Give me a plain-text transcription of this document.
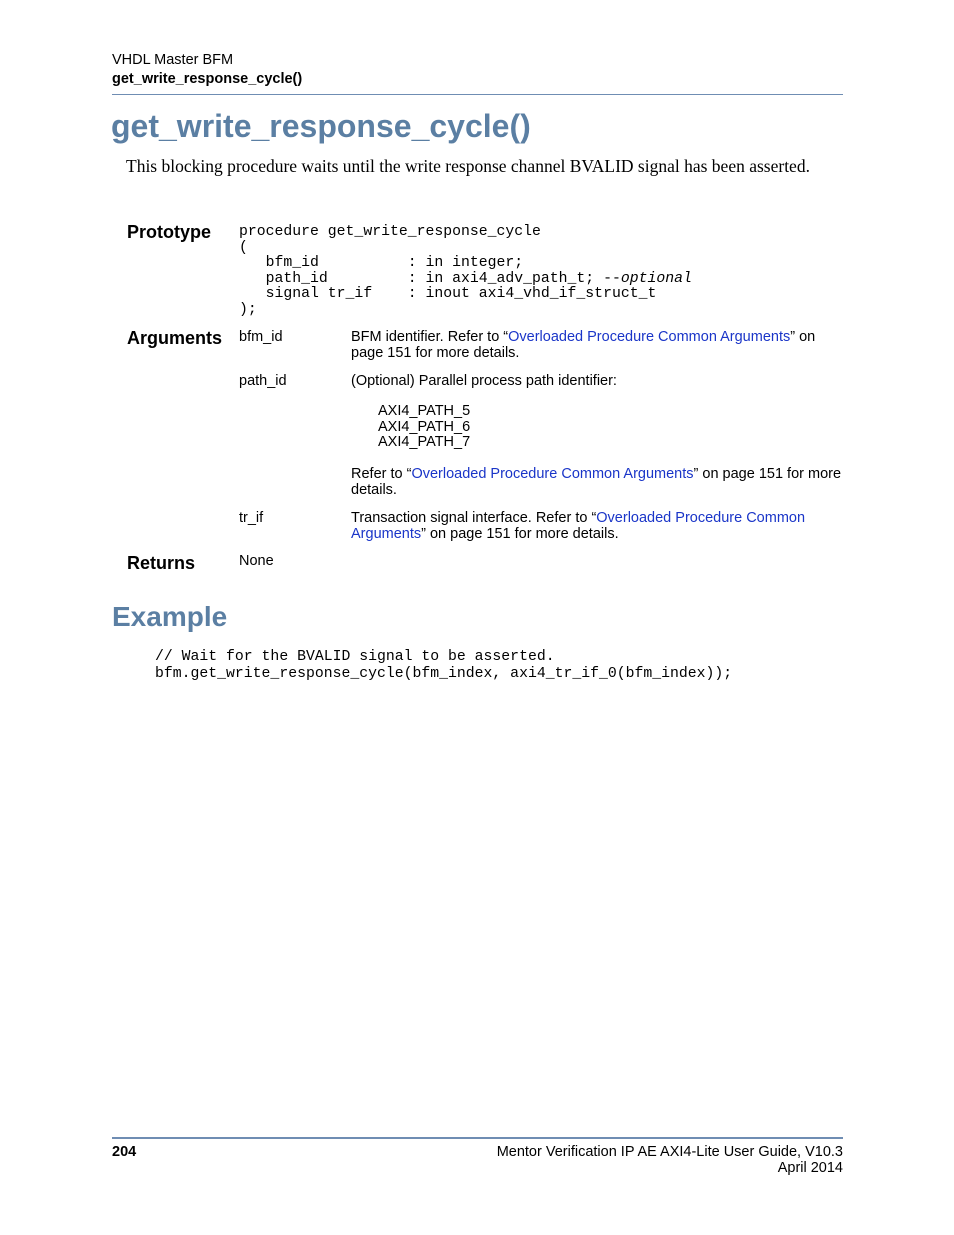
VHDL Master BFM
get_write_response_cycle()
get_write_response_cycle()
This blocking procedure waits until the write response channel BVALID signal has been asserted.
Prototype procedure get_write_response_cycle
(
bfm_id          : in integer;
path_id         : in axi4_adv_path_t; --optional
signal tr_if    : inout axi4_vhd_if_struct_t
);
Arguments bfm_id	BFM identifier. Refer to “Overloaded Procedure Common Arguments” on page 151 for more details.
path_id	(Optional) Parallel process path identifier:
AXI4_PATH_5
AXI4_PATH_6
AXI4_PATH_7
Refer to “Overloaded Procedure Common Arguments” on page 151 for more details.
tr_if	Transaction signal interface. Refer to “Overloaded Procedure Common Arguments” on page 151 for more details.
Returns	None
Example
// Wait for the BVALID signal to be asserted.
bfm.get_write_response_cycle(bfm_index, axi4_tr_if_0(bfm_index));
204	Mentor Verification IP AE AXI4-Lite User Guide, V10.3
April 2014
